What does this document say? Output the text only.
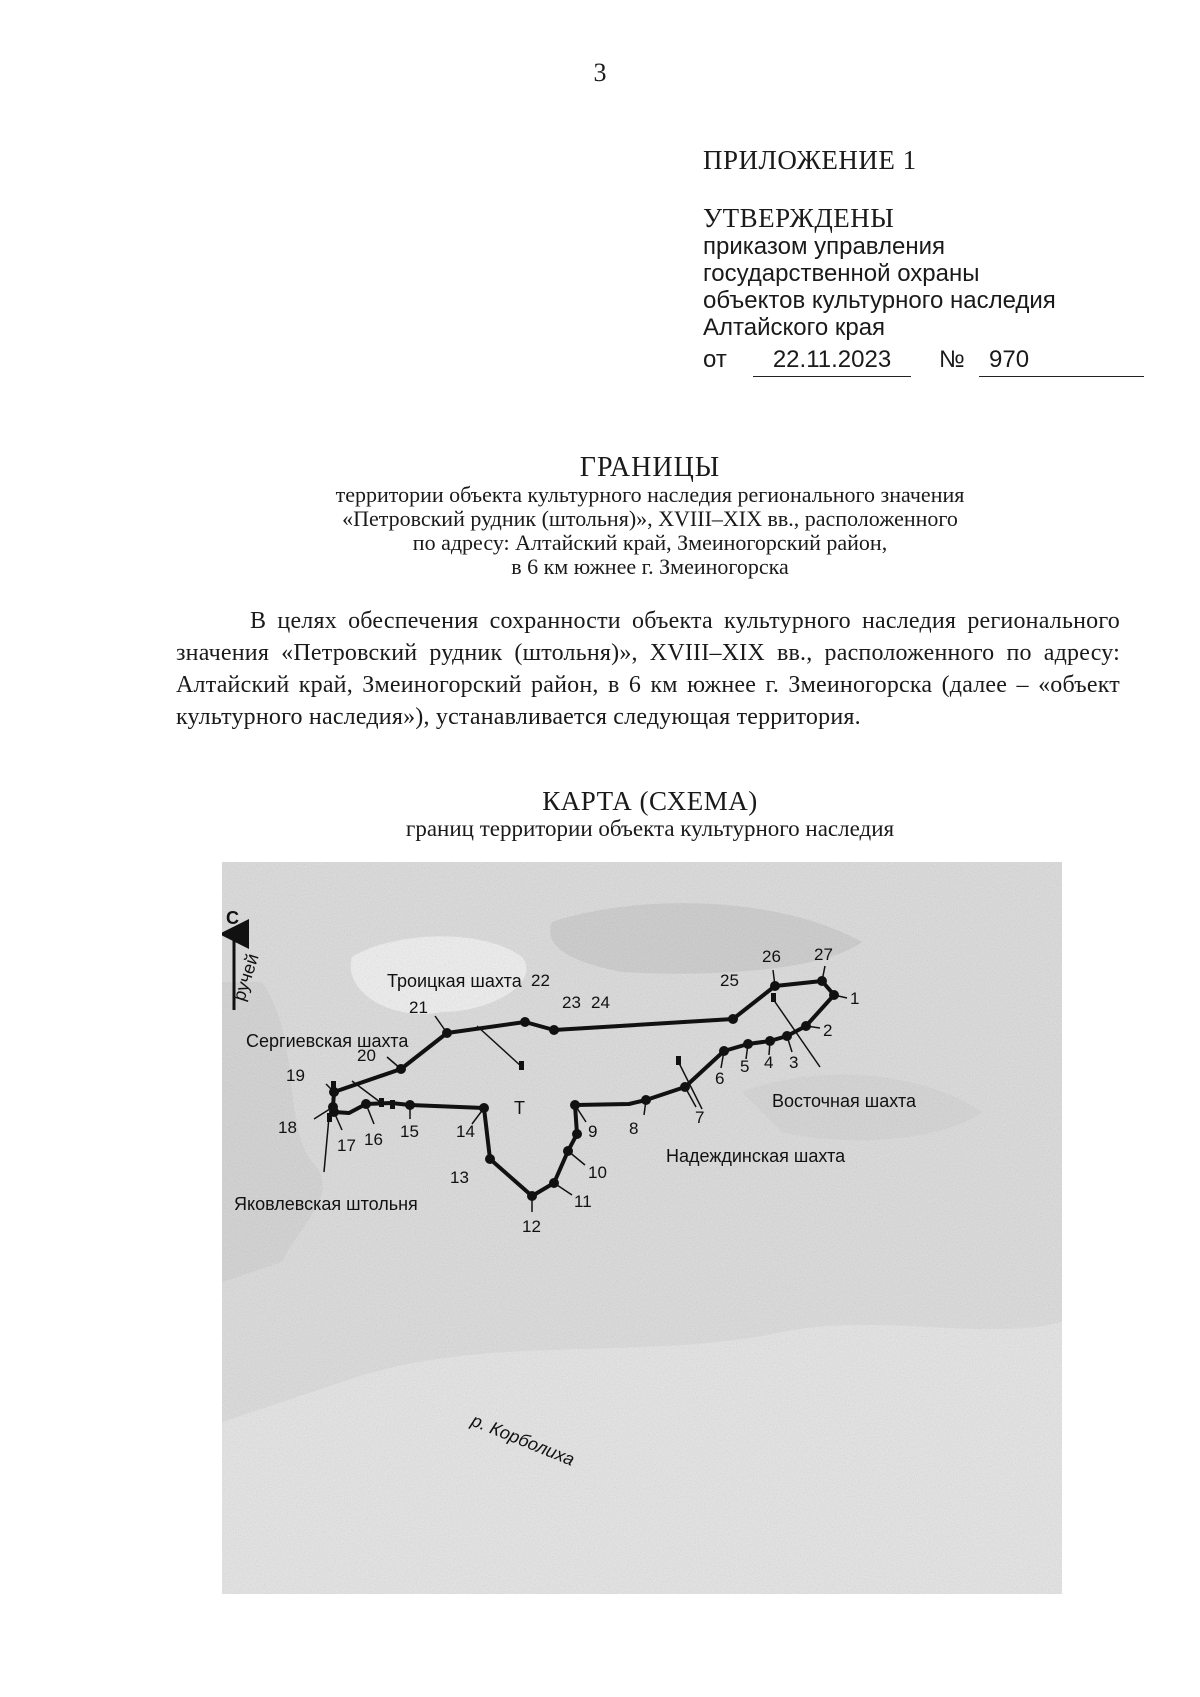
3
ПРИЛОЖЕНИЕ 1
УТВЕРЖДЕНЫ
приказом управления
государственной охраны
объектов культурного наследия
Алтайского края
от	22.11.2023	№	970
ГРАНИЦЫ
территории объекта культурного наследия регионального значения
«Петровский рудник (штольня)», XVIII–XIX вв., расположенного
по адресу: Алтайский край, Змеиногорский район,
в 6 км южнее г. Змеиногорска
В целях обеспечения сохранности объекта культурного наследия регионального значения «Петровский рудник (штольня)», XVIII–XIX вв., расположенного по адресу: Алтайский край, Змеиногорский район, в 6 км южнее г. Змеиногорска (далее – «объект культурного наследия»), устанавливается следующая территория.
КАРТА (СХЕМА)
границ территории объекта культурного наследия
С
1
2
3
4
5
6
7
8
9
10
11
12
13
14
15
16
17
18
19
20
21
22
23 24
25
26 27
Т
Троицкая шахта
Сергиевская шахта
Восточная шахта
Надеждинская шахта
Яковлевская штольня
ручей
р. Корболиха
